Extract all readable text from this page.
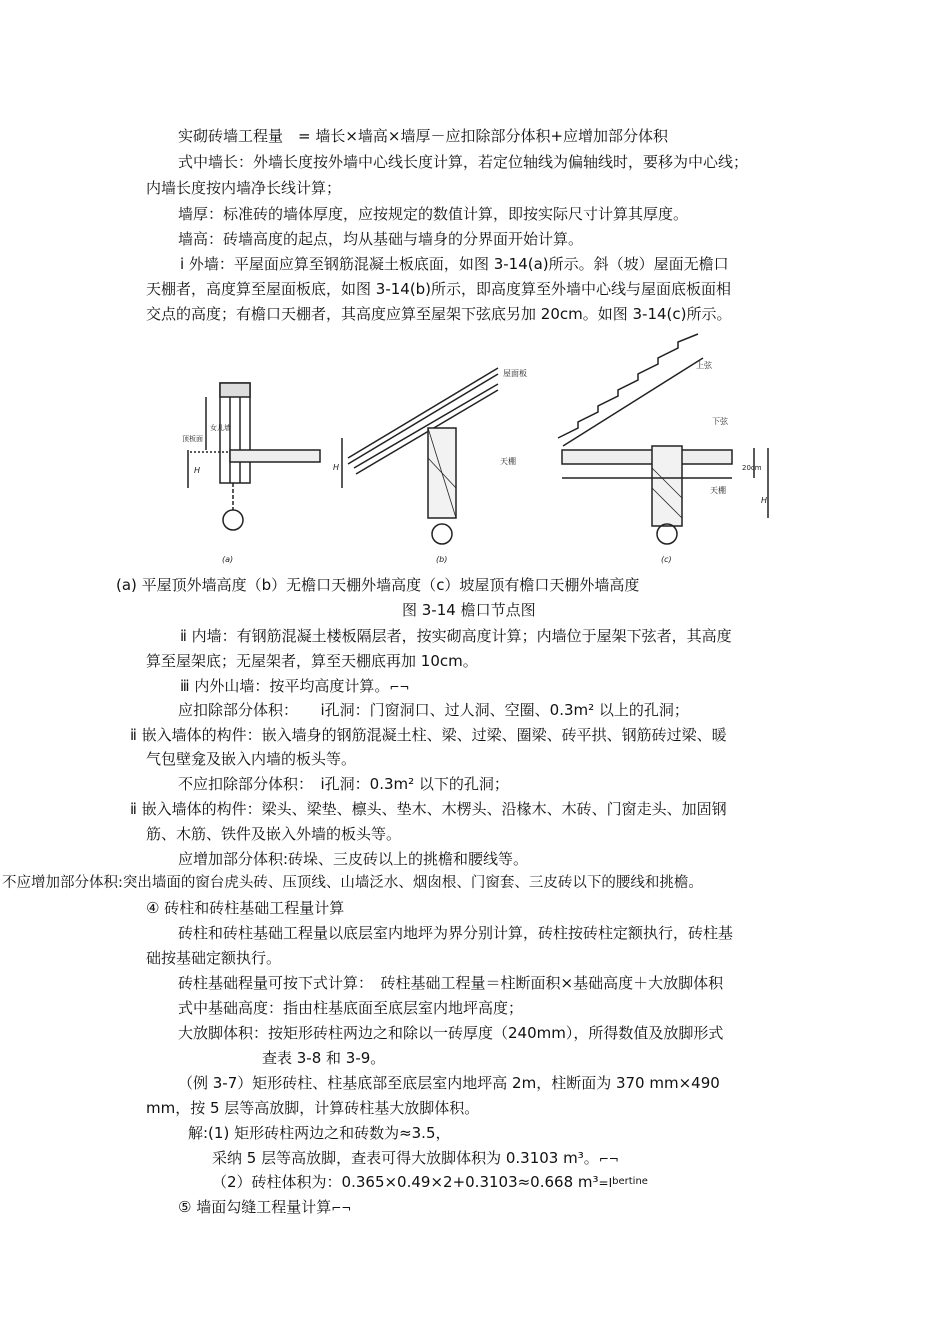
实砌砖墙工程量　= 墙长×墙高×墙厚－应扣除部分体积+应增加部分体积
式中墙长：外墙长度按外墙中心线长度计算，若定位轴线为偏轴线时，要移为中心线；
内墙长度按内墙净长线计算；
墙厚：标准砖的墙体厚度，应按规定的数值计算，即按实际尺寸计算其厚度。
墙高：砖墙高度的起点，均从基础与墙身的分界面开始计算。
ⅰ 外墙：平屋面应算至钢筋混凝土板底面，如图 3-14(a)所示。斜（坡）屋面无檐口
天棚者，高度算至屋面板底，如图 3-14(b)所示，即高度算至外墙中心线与屋面底板面相
交点的高度；有檐口天棚者，其高度应算至屋架下弦底另加 20cm。如图 3-14(c)所示。
顶板面
女儿墙
H
(a)
屋面板
天棚
H
(b)
上弦
下弦
天棚
20cm
H
(c)
(a) 平屋顶外墙高度（b）无檐口天棚外墙高度（c）坡屋顶有檐口天棚外墙高度
图 3-14 檐口节点图
ⅱ 内墙：有钢筋混凝土楼板隔层者，按实砌高度计算；内墙位于屋架下弦者，其高度
算至屋架底；无屋架者，算至天棚底再加 10cm。
ⅲ 内外山墙：按平均高度计算。⌐¬
应扣除部分体积：　　ⅰ孔洞：门窗洞口、过人洞、空圈、0.3m² 以上的孔洞；
ⅱ 嵌入墙体的构件：嵌入墙身的钢筋混凝土柱、梁、过梁、圈梁、砖平拱、钢筋砖过梁、暖
气包壁龛及嵌入内墙的板头等。
不应扣除部分体积：　ⅰ孔洞：0.3m² 以下的孔洞；
ⅱ 嵌入墙体的构件：梁头、梁垫、檩头、垫木、木楞头、沿椽木、木砖、门窗走头、加固钢
筋、木筋、铁件及嵌入外墙的板头等。
应增加部分体积:砖垛、三皮砖以上的挑檐和腰线等。
不应增加部分体积:突出墙面的窗台虎头砖、压顶线、山墙泛水、烟囱根、门窗套、三皮砖以下的腰线和挑檐。
④ 砖柱和砖柱基础工程量计算
砖柱和砖柱基础工程量以底层室内地坪为界分别计算，砖柱按砖柱定额执行，砖柱基
础按基础定额执行。
砖柱基础程量可按下式计算：　砖柱基础工程量＝柱断面积×基础高度＋大放脚体积
式中基础高度：指由柱基底面至底层室内地坪高度；
大放脚体积：按矩形砖柱两边之和除以一砖厚度（240mm），所得数值及放脚形式
查表 3-8 和 3-9。
（例 3-7）矩形砖柱、柱基底部至底层室内地坪高 2m，柱断面为 370 mm×490
mm，按 5 层等高放脚，计算砖柱基大放脚体积。
解:(1) 矩形砖柱两边之和砖数为≈3.5，
采纳 5 层等高放脚，查表可得大放脚体积为 0.3103 m³。⌐¬
（2）砖柱体积为：0.365×0.49×2+0.3103≈0.668 $m^3=I^{bertine}$
⑤ 墙面勾缝工程量计算⌐¬
